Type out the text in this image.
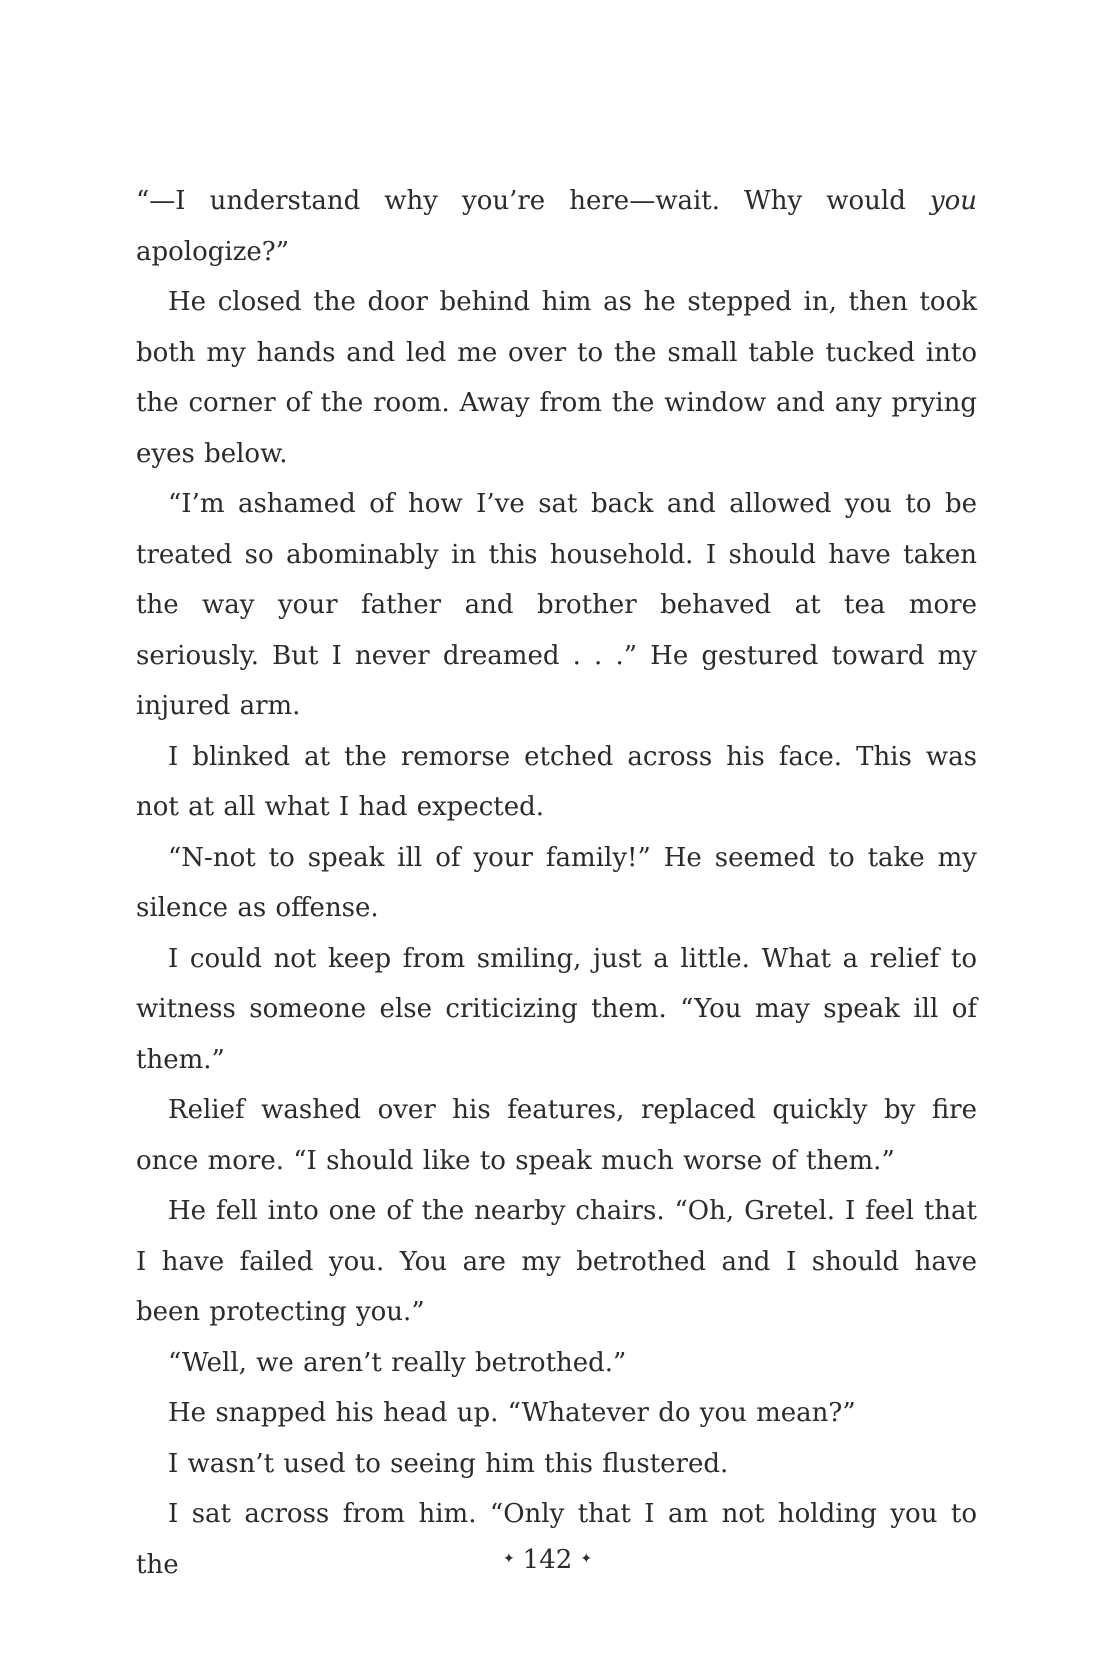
“—I understand why you’re here—wait. Why would you apologize?”

He closed the door behind him as he stepped in, then took both my hands and led me over to the small table tucked into the corner of the room. Away from the window and any prying eyes below.

“I’m ashamed of how I’ve sat back and allowed you to be treated so abominably in this household. I should have taken the way your father and brother behaved at tea more seriously. But I never dreamed . . .” He gestured toward my injured arm.

I blinked at the remorse etched across his face. This was not at all what I had expected.

“N-not to speak ill of your family!” He seemed to take my silence as offense.

I could not keep from smiling, just a little. What a relief to witness someone else criticizing them. “You may speak ill of them.”

Relief washed over his features, replaced quickly by fire once more. “I should like to speak much worse of them.”

He fell into one of the nearby chairs. “Oh, Gretel. I feel that I have failed you. You are my betrothed and I should have been protecting you.”

“Well, we aren’t really betrothed.”

He snapped his head up. “Whatever do you mean?”

I wasn’t used to seeing him this flustered.

I sat across from him. “Only that I am not holding you to the	✦ 142 ✦
